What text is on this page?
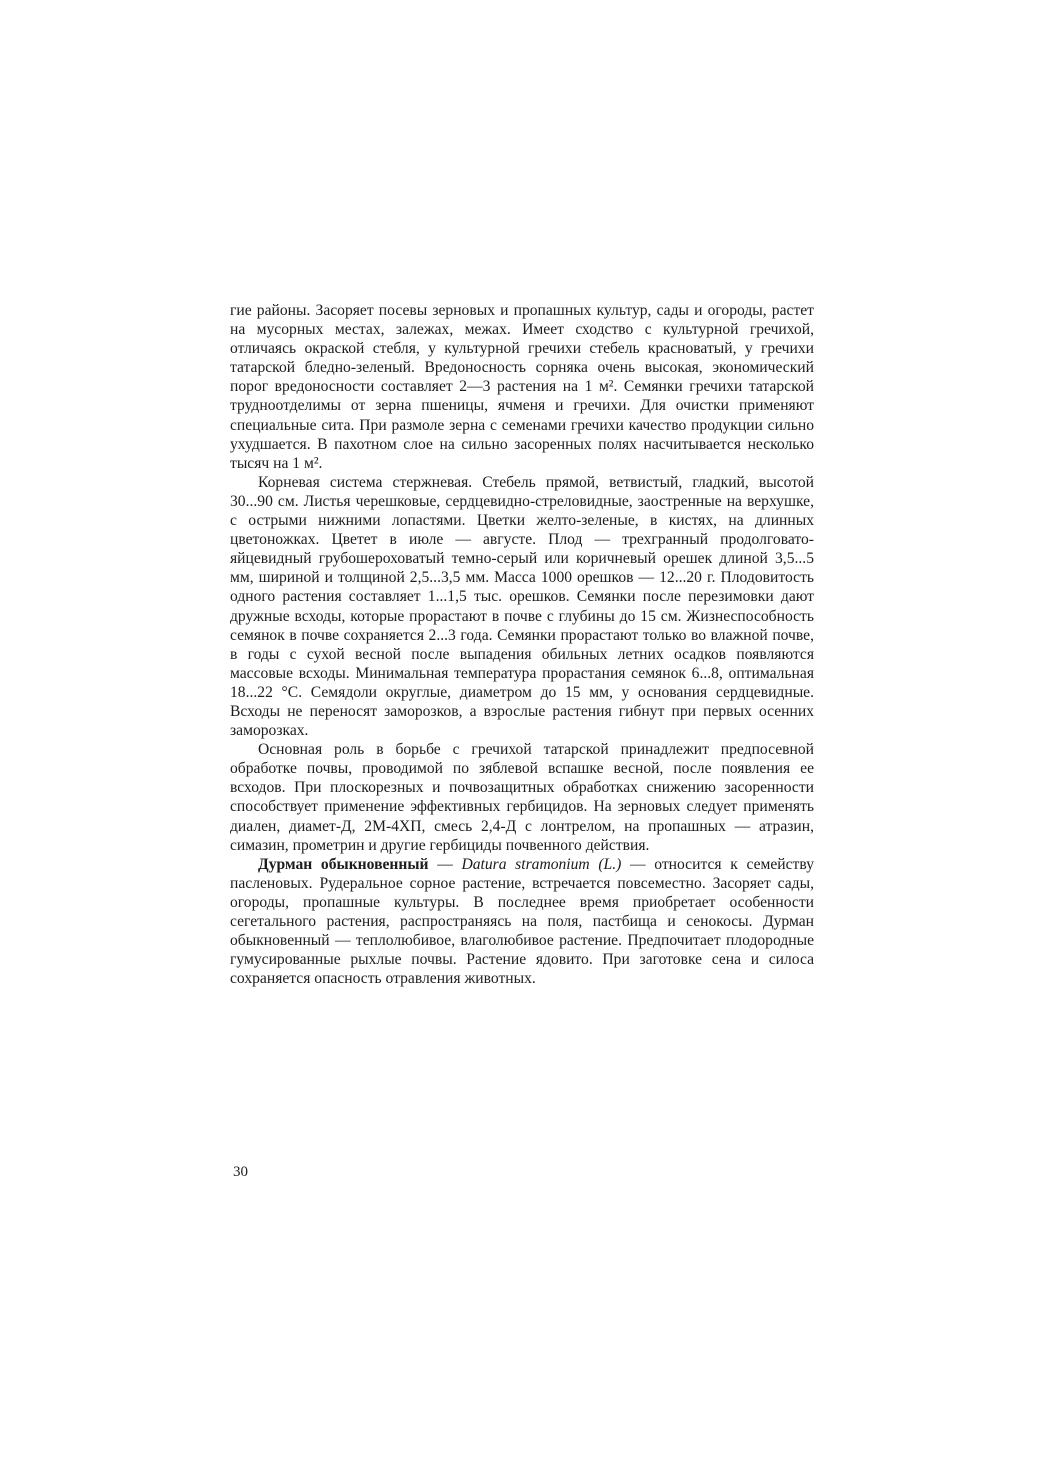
гие районы. Засоряет посевы зерновых и пропашных культур, сады и огороды, растет на мусорных местах, залежах, межах. Имеет сходство с культурной гречихой, отличаясь окраской стебля, у культурной гречихи стебель красноватый, у гречихи татарской бледно-зеленый. Вредоносность сорняка очень высокая, экономический порог вредоносности составляет 2—3 растения на 1 м². Семянки гречихи татарской трудноотделимы от зерна пшеницы, ячменя и гречихи. Для очистки применяют специальные сита. При размоле зерна с семенами гречихи качество продукции сильно ухудшается. В пахотном слое на сильно засоренных полях насчитывается несколько тысяч на 1 м².

Корневая система стержневая. Стебель прямой, ветвистый, гладкий, высотой 30...90 см. Листья черешковые, сердцевидно-стреловидные, заостренные на верхушке, с острыми нижними лопастями. Цветки желто-зеленые, в кистях, на длинных цветоножках. Цветет в июле — августе. Плод — трехгранный продолговато-яйцевидный грубошероховатый темно-серый или коричневый орешек длиной 3,5...5 мм, шириной и толщиной 2,5...3,5 мм. Масса 1000 орешков — 12...20 г. Плодовитость одного растения составляет 1...1,5 тыс. орешков. Семянки после перезимовки дают дружные всходы, которые прорастают в почве с глубины до 15 см. Жизнеспособность семянок в почве сохраняется 2...3 года. Семянки прорастают только во влажной почве, в годы с сухой весной после выпадения обильных летних осадков появляются массовые всходы. Минимальная температура прорастания семянок 6...8, оптимальная 18...22 °С. Семядоли округлые, диаметром до 15 мм, у основания сердцевидные. Всходы не переносят заморозков, а взрослые растения гибнут при первых осенних заморозках.

Основная роль в борьбе с гречихой татарской принадлежит предпосевной обработке почвы, проводимой по зяблевой вспашке весной, после появления ее всходов. При плоскорезных и почвозащитных обработках снижению засоренности способствует применение эффективных гербицидов. На зерновых следует применять диален, диамет-Д, 2М-4ХП, смесь 2,4-Д с лонтрелом, на пропашных — атразин, симазин, прометрин и другие гербициды почвенного действия.

Дурман обыкновенный — Datura stramonium (L.) — относится к семейству пасленовых. Рудеральное сорное растение, встречается повсеместно. Засоряет сады, огороды, пропашные культуры. В последнее время приобретает особенности сегетального растения, распространяясь на поля, пастбища и сенокосы. Дурман обыкновенный — теплолюбивое, влаголюбивое растение. Предпочитает плодородные гумусированные рыхлые почвы. Растение ядовито. При заготовке сена и силоса сохраняется опасность отравления животных.

30
